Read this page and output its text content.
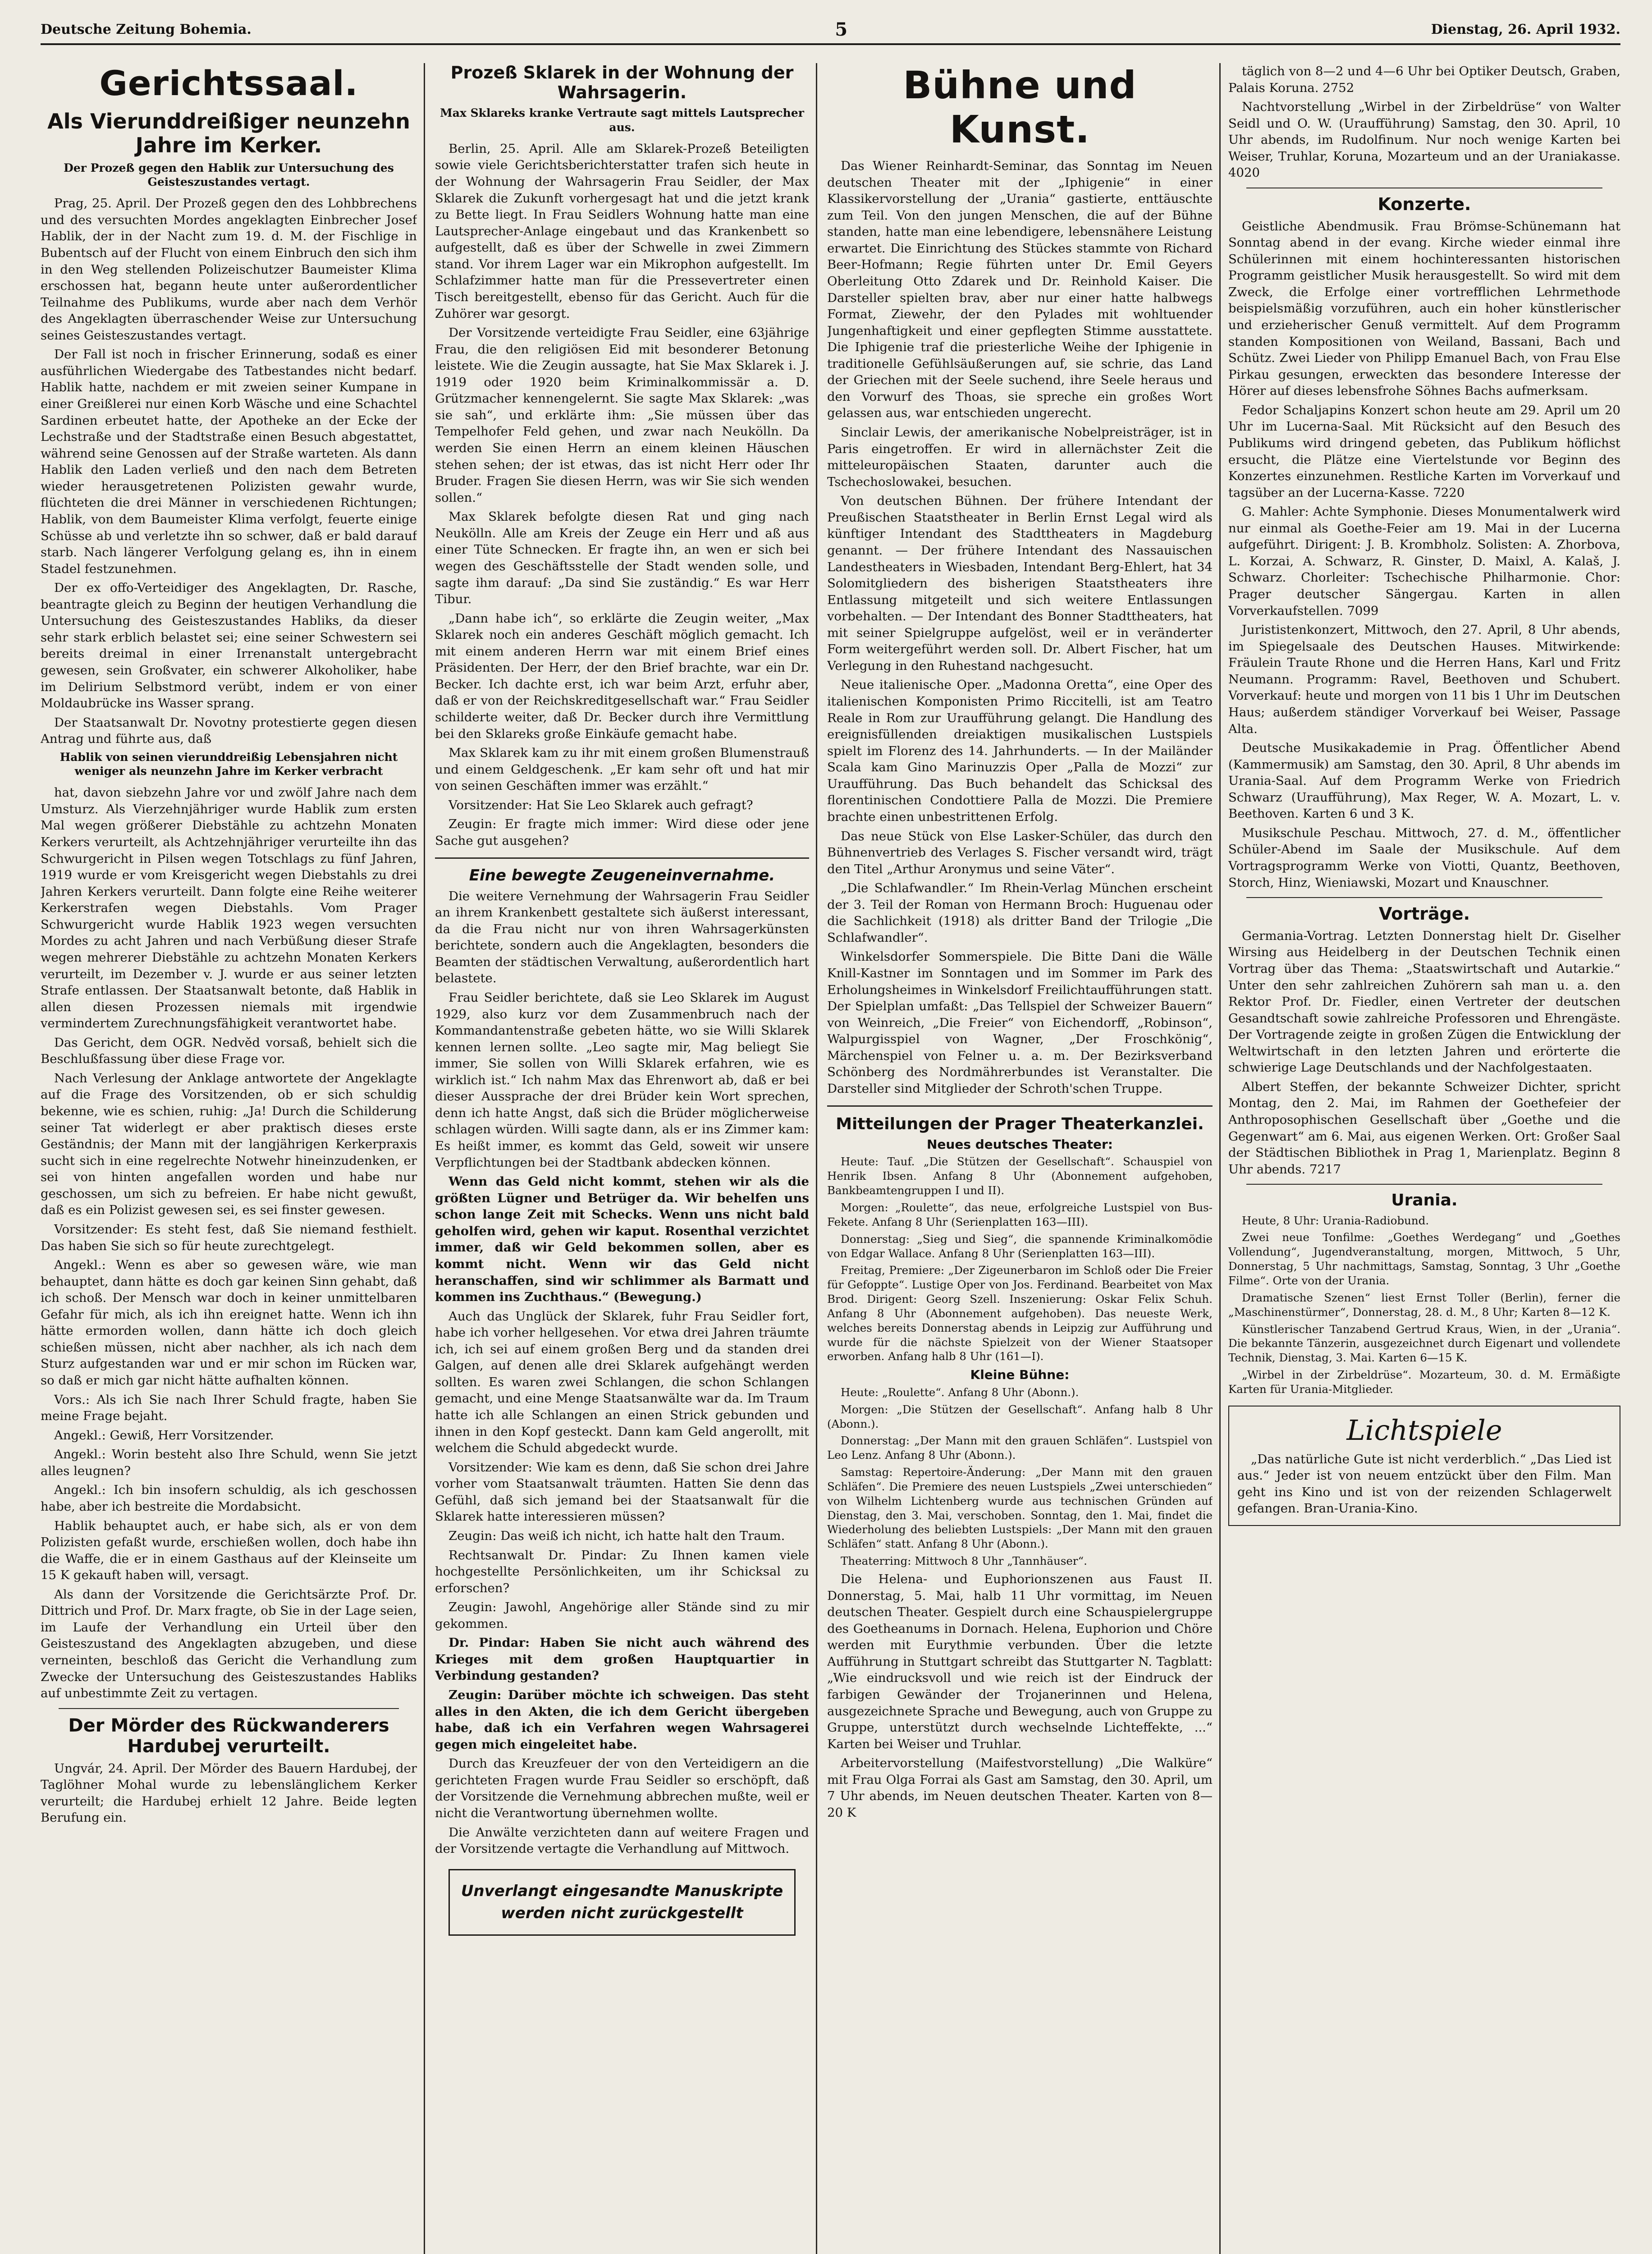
Deutsche Zeitung Bohemia.	5	Dienstag, 26. April 1932.
Gerichtssaal.
Als Vierunddreißiger neunzehn Jahre im Kerker.
Der Prozeß gegen den Hablik zur Untersuchung des Geisteszustandes vertagt.

Prag, 25. April. Der Prozeß gegen den des Lohbbrechens und des versuchten Mordes angeklagten Einbrecher Josef Hablik, der in der Nacht zum 19. d. M. der Fischlige in Bubentsch auf der Flucht von einem Einbruch den sich ihm in den Weg stellenden Polizeischutzer Baumeister Klima erschossen hat, begann heute unter außerordentlicher Teilnahme des Publikums, wurde aber nach dem Verhör des Angeklagten überraschender Weise zur Untersuchung seines Geisteszustandes vertagt.

Der Fall ist noch in frischer Erinnerung, sodaß es einer ausführlichen Wiedergabe des Tatbestandes nicht bedarf. Hablik hatte, nachdem er mit zweien seiner Kumpane in einer Greißlerei nur einen Korb Wäsche und eine Schachtel Sardinen erbeutet hatte, der Apotheke an der Ecke der Lechstraße und der Stadtstraße einen Besuch abgestattet, während seine Genossen auf der Straße warteten. Als dann Hablik den Laden verließ und den nach dem Betreten wieder herausgetretenen Polizisten gewahr wurde, flüchteten die drei Männer in verschiedenen Richtungen; Hablik, von dem Baumeister Klima verfolgt, feuerte einige Schüsse ab und verletzte ihn so schwer, daß er bald darauf starb. Nach längerer Verfolgung gelang es, ihn in einem Stadel festzunehmen.

Der ex offo-Verteidiger des Angeklagten, Dr. Rasche, beantragte gleich zu Beginn der heutigen Verhandlung die Untersuchung des Geisteszustandes Habliks, da dieser sehr stark erblich belastet sei; eine seiner Schwestern sei bereits dreimal in einer Irrenanstalt untergebracht gewesen, sein Großvater, ein schwerer Alkoholiker, habe im Delirium Selbstmord verübt, indem er von einer Moldaubrücke ins Wasser sprang.

Der Staatsanwalt Dr. Novotny protestierte gegen diesen Antrag und führte aus, daß

Hablik von seinen vierunddreißig Lebensjahren nicht weniger als neunzehn Jahre im Kerker verbracht

hat, davon siebzehn Jahre vor und zwölf Jahre nach dem Umsturz. Als Vierzehnjähriger wurde Hablik zum ersten Mal wegen größerer Diebstähle zu achtzehn Monaten Kerkers verurteilt, als Achtzehnjähriger verurteilte ihn das Schwurgericht in Pilsen wegen Totschlags zu fünf Jahren, 1919 wurde er vom Kreisgericht wegen Diebstahls zu drei Jahren Kerkers verurteilt. Dann folgte eine Reihe weiterer Kerkerstrafen wegen Diebstahls. Vom Prager Schwurgericht wurde Hablik 1923 wegen versuchten Mordes zu acht Jahren und nach Verbüßung dieser Strafe wegen mehrerer Diebstähle zu achtzehn Monaten Kerkers verurteilt, im Dezember v. J. wurde er aus seiner letzten Strafe entlassen. Der Staatsanwalt betonte, daß Hablik in allen diesen Prozessen niemals mit irgendwie vermindertem Zurechnungsfähigkeit verantwortet habe.

Das Gericht, dem OGR. Nedvěd vorsaß, behielt sich die Beschlußfassung über diese Frage vor.

Nach Verlesung der Anklage antwortete der Angeklagte auf die Frage des Vorsitzenden, ob er sich schuldig bekenne, wie es schien, ruhig: „Ja! Durch die Schilderung seiner Tat widerlegt er aber praktisch dieses erste Geständnis; der Mann mit der langjährigen Kerkerpraxis sucht sich in eine regelrechte Notwehr hineinzudenken, er sei von hinten angefallen worden und habe nur geschossen, um sich zu befreien. Er habe nicht gewußt, daß es ein Polizist gewesen sei, es sei finster gewesen.

Vorsitzender: Es steht fest, daß Sie niemand festhielt. Das haben Sie sich so für heute zurechtgelegt.

Angekl.: Wenn es aber so gewesen wäre, wie man behauptet, dann hätte es doch gar keinen Sinn gehabt, daß ich schoß. Der Mensch war doch in keiner unmittelbaren Gefahr für mich, als ich ihn ereignet hatte. Wenn ich ihn hätte ermorden wollen, dann hätte ich doch gleich schießen müssen, nicht aber nachher, als ich nach dem Sturz aufgestanden war und er mir schon im Rücken war, so daß er mich gar nicht hätte aufhalten können.

Vors.: Als ich Sie nach Ihrer Schuld fragte, haben Sie meine Frage bejaht.

Angekl.: Gewiß, Herr Vorsitzender.

Angekl.: Worin besteht also Ihre Schuld, wenn Sie jetzt alles leugnen?

Angekl.: Ich bin insofern schuldig, als ich geschossen habe, aber ich bestreite die Mordabsicht.

Hablik behauptet auch, er habe sich, als er von dem Polizisten gefaßt wurde, erschießen wollen, doch habe ihn die Waffe, die er in einem Gasthaus auf der Kleinseite um 15 K gekauft haben will, versagt.

Als dann der Vorsitzende die Gerichtsärzte Prof. Dr. Dittrich und Prof. Dr. Marx fragte, ob Sie in der Lage seien, im Laufe der Verhandlung ein Urteil über den Geisteszustand des Angeklagten abzugeben, und diese verneinten, beschloß das Gericht die Verhandlung zum Zwecke der Untersuchung des Geisteszustandes Habliks auf unbestimmte Zeit zu vertagen.

Der Mörder des Rückwanderers Hardubej verurteilt.

Ungvár, 24. April. Der Mörder des Bauern Hardubej, der Taglöhner Mohal wurde zu lebenslänglichem Kerker verurteilt; die Hardubej erhielt 12 Jahre. Beide legten Berufung ein.

Prozeß Sklarek in der Wohnung der Wahrsagerin.
Max Sklareks kranke Vertraute sagt mittels Lautsprecher aus.

Berlin, 25. April. Alle am Sklarek-Prozeß Beteiligten sowie viele Gerichtsberichterstatter trafen sich heute in der Wohnung der Wahrsagerin Frau Seidler, der Max Sklarek die Zukunft vorhergesagt hat und die jetzt krank zu Bette liegt. In Frau Seidlers Wohnung hatte man eine Lautsprecher-Anlage eingebaut und das Krankenbett so aufgestellt, daß es über der Schwelle in zwei Zimmern stand. Vor ihrem Lager war ein Mikrophon aufgestellt. Im Schlafzimmer hatte man für die Pressevertreter einen Tisch bereitgestellt, ebenso für das Gericht. Auch für die Zuhörer war gesorgt.

Der Vorsitzende verteidigte Frau Seidler, eine 63jährige Frau, die den religiösen Eid mit besonderer Betonung leistete. Wie die Zeugin aussagte, hat Sie Max Sklarek i. J. 1919 oder 1920 beim Kriminalkommissär a. D. Grützmacher kennengelernt. Sie sagte Max Sklarek: „was sie sah“, und erklärte ihm: „Sie müssen über das Tempelhofer Feld gehen, und zwar nach Neukölln. Da werden Sie einen Herrn an einem kleinen Häuschen stehen sehen; der ist etwas, das ist nicht Herr oder Ihr Bruder. Fragen Sie diesen Herrn, was wir Sie sich wenden sollen.“

Max Sklarek befolgte diesen Rat und ging nach Neukölln. Alle am Kreis der Zeuge ein Herr und aß aus einer Tüte Schnecken. Er fragte ihn, an wen er sich bei wegen des Geschäftsstelle der Stadt wenden solle, und sagte ihm darauf: „Da sind Sie zuständig.“ Es war Herr Tibur.

„Dann habe ich“, so erklärte die Zeugin weiter, „Max Sklarek noch ein anderes Geschäft möglich gemacht. Ich mit einem anderen Herrn war mit einem Brief eines Präsidenten. Der Herr, der den Brief brachte, war ein Dr. Becker. Ich dachte erst, ich war beim Arzt, erfuhr aber, daß er von der Reichskreditgesellschaft war.“ Frau Seidler schilderte weiter, daß Dr. Becker durch ihre Vermittlung bei den Sklareks große Einkäufe gemacht habe.

Max Sklarek kam zu ihr mit einem großen Blumenstrauß und einem Geldgeschenk. „Er kam sehr oft und hat mir von seinen Geschäften immer was erzählt.“

Vorsitzender: Hat Sie Leo Sklarek auch gefragt?

Zeugin: Er fragte mich immer: Wird diese oder jene Sache gut ausgehen?

Eine bewegte Zeugeneinvernahme.

Die weitere Vernehmung der Wahrsagerin Frau Seidler an ihrem Krankenbett gestaltete sich äußerst interessant, da die Frau nicht nur von ihren Wahrsagerkünsten berichtete, sondern auch die Angeklagten, besonders die Beamten der städtischen Verwaltung, außerordentlich hart belastete.

Frau Seidler berichtete, daß sie Leo Sklarek im August 1929, also kurz vor dem Zusammenbruch nach der Kommandantenstraße gebeten hätte, wo sie Willi Sklarek kennen lernen sollte. „Leo sagte mir, Mag beliegt Sie immer, Sie sollen von Willi Sklarek erfahren, wie es wirklich ist.“ Ich nahm Max das Ehrenwort ab, daß er bei dieser Aussprache der drei Brüder kein Wort sprechen, denn ich hatte Angst, daß sich die Brüder möglicherweise schlagen würden. Willi sagte dann, als er ins Zimmer kam: Es heißt immer, es kommt das Geld, soweit wir unsere Verpflichtungen bei der Stadtbank abdecken können.

Wenn das Geld nicht kommt, stehen wir als die größten Lügner und Betrüger da. Wir behelfen uns schon lange Zeit mit Schecks. Wenn uns nicht bald geholfen wird, gehen wir kaput. Rosenthal verzichtet immer, daß wir Geld bekommen sollen, aber es kommt nicht. Wenn wir das Geld nicht heranschaffen, sind wir schlimmer als Barmatt und kommen ins Zuchthaus.“ (Bewegung.)

Auch das Unglück der Sklarek, fuhr Frau Seidler fort, habe ich vorher hellgesehen. Vor etwa drei Jahren träumte ich, ich sei auf einem großen Berg und da standen drei Galgen, auf denen alle drei Sklarek aufgehängt werden sollten. Es waren zwei Schlangen, die schon Schlangen gemacht, und eine Menge Staatsanwälte war da. Im Traum hatte ich alle Schlangen an einen Strick gebunden und ihnen in den Kopf gesteckt. Dann kam Geld angerollt, mit welchem die Schuld abgedeckt wurde.

Vorsitzender: Wie kam es denn, daß Sie schon drei Jahre vorher vom Staatsanwalt träumten. Hatten Sie denn das Gefühl, daß sich jemand bei der Staatsanwalt für die Sklarek hatte interessieren müssen?

Zeugin: Das weiß ich nicht, ich hatte halt den Traum.

Rechtsanwalt Dr. Pindar: Zu Ihnen kamen viele hochgestellte Persönlichkeiten, um ihr Schicksal zu erforschen?

Zeugin: Jawohl, Angehörige aller Stände sind zu mir gekommen.

Dr. Pindar: Haben Sie nicht auch während des Krieges mit dem großen Hauptquartier in Verbindung gestanden?

Zeugin: Darüber möchte ich schweigen. Das steht alles in den Akten, die ich dem Gericht übergeben habe, daß ich ein Verfahren wegen Wahrsagerei gegen mich eingeleitet habe.

Durch das Kreuzfeuer der von den Verteidigern an die gerichteten Fragen wurde Frau Seidler so erschöpft, daß der Vorsitzende die Vernehmung abbrechen mußte, weil er nicht die Verantwortung übernehmen wollte.

Die Anwälte verzichteten dann auf weitere Fragen und der Vorsitzende vertagte die Verhandlung auf Mittwoch.

Unverlangt eingesandte Manuskripte werden nicht zurückgestellt
Bühne und Kunst.

Das Wiener Reinhardt-Seminar, das Sonntag im Neuen deutschen Theater mit der „Iphigenie“ in einer Klassikervorstellung der „Urania“ gastierte, enttäuschte zum Teil. Von den jungen Menschen, die auf der Bühne standen, hatte man eine lebendigere, lebensnähere Leistung erwartet. Die Einrichtung des Stückes stammte von Richard Beer-Hofmann; Regie führten unter Dr. Emil Geyers Oberleitung Otto Zdarek und Dr. Reinhold Kaiser. Die Darsteller spielten brav, aber nur einer hatte halbwegs Format, Ziewehr, der den Pylades mit wohltuender Jungenhaftigkeit und einer gepflegten Stimme ausstattete. Die Iphigenie traf die priesterliche Weihe der Iphigenie in traditionelle Gefühlsäußerungen auf, sie schrie, das Land der Griechen mit der Seele suchend, ihre Seele heraus und den Vorwurf des Thoas, sie spreche ein großes Wort gelassen aus, war entschieden ungerecht.

Sinclair Lewis, der amerikanische Nobelpreisträger, ist in Paris eingetroffen. Er wird in allernächster Zeit die mitteleuropäischen Staaten, darunter auch die Tschechoslowakei, besuchen.

Von deutschen Bühnen. Der frühere Intendant der Preußischen Staatstheater in Berlin Ernst Legal wird als künftiger Intendant des Stadttheaters in Magdeburg genannt. — Der frühere Intendant des Nassauischen Landestheaters in Wiesbaden, Intendant Berg-Ehlert, hat 34 Solomitgliedern des bisherigen Staatstheaters ihre Entlassung mitgeteilt und sich weitere Entlassungen vorbehalten. — Der Intendant des Bonner Stadttheaters, hat mit seiner Spielgruppe aufgelöst, weil er in veränderter Form weitergeführt werden soll. Dr. Albert Fischer, hat um Verlegung in den Ruhestand nachgesucht.

Neue italienische Oper. „Madonna Oretta“, eine Oper des italienischen Komponisten Primo Riccitelli, ist am Teatro Reale in Rom zur Uraufführung gelangt. Die Handlung des ereignisfüllenden dreiaktigen musikalischen Lustspiels spielt im Florenz des 14. Jahrhunderts. — In der Mailänder Scala kam Gino Marinuzzis Oper „Palla de Mozzi“ zur Uraufführung. Das Buch behandelt das Schicksal des florentinischen Condottiere Palla de Mozzi. Die Premiere brachte einen unbestrittenen Erfolg.

Das neue Stück von Else Lasker-Schüler, das durch den Bühnenvertrieb des Verlages S. Fischer versandt wird, trägt den Titel „Arthur Aronymus und seine Väter“.

„Die Schlafwandler.“ Im Rhein-Verlag München erscheint der 3. Teil der Roman von Hermann Broch: Huguenau oder die Sachlichkeit (1918) als dritter Band der Trilogie „Die Schlafwandler“.

Winkelsdorfer Sommerspiele. Die Bitte Dani die Wälle Knill-Kastner im Sonntagen und im Sommer im Park des Erholungsheimes in Winkelsdorf Freilichtaufführungen statt. Der Spielplan umfaßt: „Das Tellspiel der Schweizer Bauern“ von Weinreich, „Die Freier“ von Eichendorff, „Robinson“, Walpurgisspiel von Wagner, „Der Froschkönig“, Märchenspiel von Felner u. a. m. Der Bezirksverband Schönberg des Nordmährerbundes ist Veranstalter. Die Darsteller sind Mitglieder der Schroth'schen Truppe.

Mitteilungen der Prager Theaterkanzlei.
Neues deutsches Theater:

Heute: Tauf. „Die Stützen der Gesellschaft“. Schauspiel von Henrik Ibsen. Anfang 8 Uhr (Abonnement aufgehoben, Bankbeamtengruppen I und II).

Morgen: „Roulette“, das neue, erfolgreiche Lustspiel von Bus-Fekete. Anfang 8 Uhr (Serienplatten 163—III).

Donnerstag: „Sieg und Sieg“, die spannende Kriminalkomödie von Edgar Wallace. Anfang 8 Uhr (Serienplatten 163—III).

Freitag, Premiere: „Der Zigeunerbaron im Schloß oder Die Freier für Gefoppte“. Lustige Oper von Jos. Ferdinand. Bearbeitet von Max Brod. Dirigent: Georg Szell. Inszenierung: Oskar Felix Schuh. Anfang 8 Uhr (Abonnement aufgehoben). Das neueste Werk, welches bereits Donnerstag abends in Leipzig zur Aufführung und wurde für die nächste Spielzeit von der Wiener Staatsoper erworben. Anfang halb 8 Uhr (161—I).

Kleine Bühne:

Heute: „Roulette“. Anfang 8 Uhr (Abonn.).

Morgen: „Die Stützen der Gesellschaft“. Anfang halb 8 Uhr (Abonn.).

Donnerstag: „Der Mann mit den grauen Schläfen“. Lustspiel von Leo Lenz. Anfang 8 Uhr (Abonn.).

Samstag: Repertoire-Änderung: „Der Mann mit den grauen Schläfen“. Die Premiere des neuen Lustspiels „Zwei unterschieden“ von Wilhelm Lichtenberg wurde aus technischen Gründen auf Dienstag, den 3. Mai, verschoben. Sonntag, den 1. Mai, findet die Wiederholung des beliebten Lustspiels: „Der Mann mit den grauen Schläfen“ statt. Anfang 8 Uhr (Abonn.).

Theaterring: Mittwoch 8 Uhr „Tannhäuser“.

Die Helena- und Euphorionszenen aus Faust II. Donnerstag, 5. Mai, halb 11 Uhr vormittag, im Neuen deutschen Theater. Gespielt durch eine Schauspielergruppe des Goetheanums in Dornach. Helena, Euphorion und Chöre werden mit Eurythmie verbunden. Über die letzte Aufführung in Stuttgart schreibt das Stuttgarter N. Tagblatt: „Wie eindrucksvoll und wie reich ist der Eindruck der farbigen Gewänder der Trojanerinnen und Helena, ausgezeichnete Sprache und Bewegung, auch von Gruppe zu Gruppe, unterstützt durch wechselnde Lichteffekte, ...“ Karten bei Weiser und Truhlar.

Arbeitervorstellung (Maifestvorstellung) „Die Walküre“ mit Frau Olga Forrai als Gast am Samstag, den 30. April, um 7 Uhr abends, im Neuen deutschen Theater. Karten von 8—20 K

täglich von 8—2 und 4—6 Uhr bei Optiker Deutsch, Graben, Palais Koruna. 2752

Nachtvorstellung „Wirbel in der Zirbeldrüse“ von Walter Seidl und O. W. (Uraufführung) Samstag, den 30. April, 10 Uhr abends, im Rudolfinum. Nur noch wenige Karten bei Weiser, Truhlar, Koruna, Mozarteum und an der Uraniakasse. 4020

Konzerte.

Geistliche Abendmusik. Frau Brömse-Schünemann hat Sonntag abend in der evang. Kirche wieder einmal ihre Schülerinnen mit einem hochinteressanten historischen Programm geistlicher Musik herausgestellt. So wird mit dem Zweck, die Erfolge einer vortrefflichen Lehrmethode beispielsmäßig vorzuführen, auch ein hoher künstlerischer und erzieherischer Genuß vermittelt. Auf dem Programm standen Kompositionen von Weiland, Bassani, Bach und Schütz. Zwei Lieder von Philipp Emanuel Bach, von Frau Else Pirkau gesungen, erweckten das besondere Interesse der Hörer auf dieses lebensfrohe Söhnes Bachs aufmerksam.

Fedor Schaljapins Konzert schon heute am 29. April um 20 Uhr im Lucerna-Saal. Mit Rücksicht auf den Besuch des Publikums wird dringend gebeten, das Publikum höflichst ersucht, die Plätze eine Viertelstunde vor Beginn des Konzertes einzunehmen. Restliche Karten im Vorverkauf und tagsüber an der Lucerna-Kasse. 7220

G. Mahler: Achte Symphonie. Dieses Monumentalwerk wird nur einmal als Goethe-Feier am 19. Mai in der Lucerna aufgeführt. Dirigent: J. B. Krombholz. Solisten: A. Zhorbova, L. Korzai, A. Schwarz, R. Ginster, D. Maixl, A. Kalaš, J. Schwarz. Chorleiter: Tschechische Philharmonie. Chor: Prager deutscher Sängergau. Karten in allen Vorverkaufstellen. 7099

Jurististenkonzert, Mittwoch, den 27. April, 8 Uhr abends, im Spiegelsaale des Deutschen Hauses. Mitwirkende: Fräulein Traute Rhone und die Herren Hans, Karl und Fritz Neumann. Programm: Ravel, Beethoven und Schubert. Vorverkauf: heute und morgen von 11 bis 1 Uhr im Deutschen Haus; außerdem ständiger Vorverkauf bei Weiser, Passage Alta.

Deutsche Musikakademie in Prag. Öffentlicher Abend (Kammermusik) am Samstag, den 30. April, 8 Uhr abends im Urania-Saal. Auf dem Programm Werke von Friedrich Schwarz (Uraufführung), Max Reger, W. A. Mozart, L. v. Beethoven. Karten 6 und 3 K.

Musikschule Peschau. Mittwoch, 27. d. M., öffentlicher Schüler-Abend im Saale der Musikschule. Auf dem Vortragsprogramm Werke von Viotti, Quantz, Beethoven, Storch, Hinz, Wieniawski, Mozart und Knauschner.

Vorträge.

Germania-Vortrag. Letzten Donnerstag hielt Dr. Giselher Wirsing aus Heidelberg in der Deutschen Technik einen Vortrag über das Thema: „Staatswirtschaft und Autarkie.“ Unter den sehr zahlreichen Zuhörern sah man u. a. den Rektor Prof. Dr. Fiedler, einen Vertreter der deutschen Gesandtschaft sowie zahlreiche Professoren und Ehrengäste. Der Vortragende zeigte in großen Zügen die Entwicklung der Weltwirtschaft in den letzten Jahren und erörterte die schwierige Lage Deutschlands und der Nachfolgestaaten.

Albert Steffen, der bekannte Schweizer Dichter, spricht Montag, den 2. Mai, im Rahmen der Goethefeier der Anthroposophischen Gesellschaft über „Goethe und die Gegenwart“ am 6. Mai, aus eigenen Werken. Ort: Großer Saal der Städtischen Bibliothek in Prag 1, Marienplatz. Beginn 8 Uhr abends. 7217

Urania.

Heute, 8 Uhr: Urania-Radiobund.

Zwei neue Tonfilme: „Goethes Werdegang“ und „Goethes Vollendung“, Jugendveranstaltung, morgen, Mittwoch, 5 Uhr, Donnerstag, 5 Uhr nachmittags, Samstag, Sonntag, 3 Uhr „Goethe Filme“. Orte von der Urania.

Dramatische Szenen“ liest Ernst Toller (Berlin), ferner die „Maschinenstürmer“, Donnerstag, 28. d. M., 8 Uhr; Karten 8—12 K.

Künstlerischer Tanzabend Gertrud Kraus, Wien, in der „Urania“. Die bekannte Tänzerin, ausgezeichnet durch Eigenart und vollendete Technik, Dienstag, 3. Mai. Karten 6—15 K.

„Wirbel in der Zirbeldrüse“. Mozarteum, 30. d. M. Ermäßigte Karten für Urania-Mitglieder.

Lichtspiele

„Das natürliche Gute ist nicht verderblich.“ „Das Lied ist aus.“ Jeder ist von neuem entzückt über den Film. Man geht ins Kino und ist von der reizenden Schlagerwelt gefangen. Bran-Urania-Kino.
